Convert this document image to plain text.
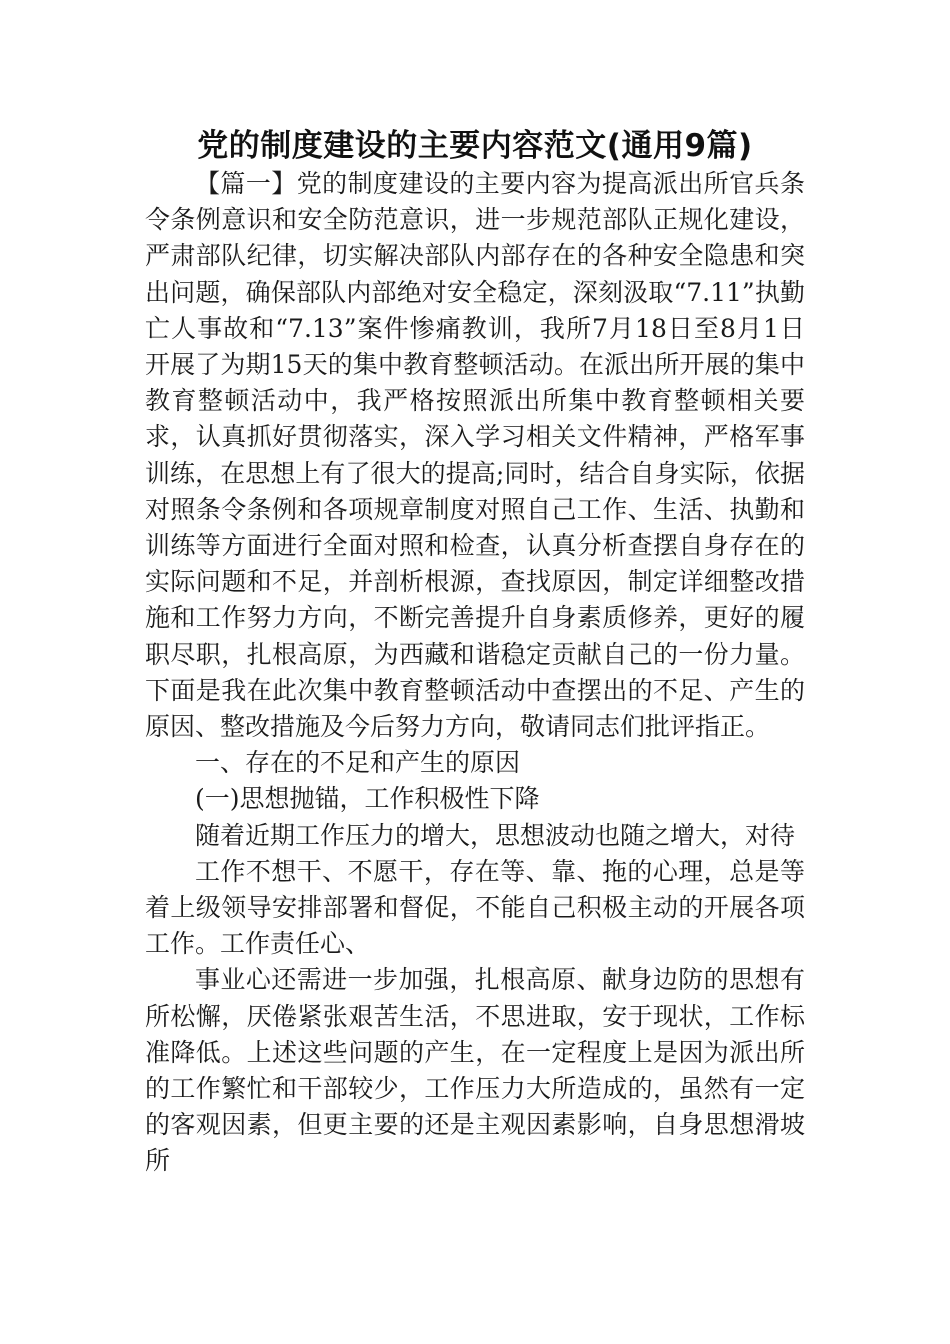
党的制度建设的主要内容范文(通用9篇)

【篇一】党的制度建设的主要内容为提高派出所官兵条令条例意识和安全防范意识，进一步规范部队正规化建设，严肃部队纪律，切实解决部队内部存在的各种安全隐患和突出问题，确保部队内部绝对安全稳定，深刻汲取“7.11”执勤亡人事故和“7.13”案件惨痛教训，我所7月18日至8月1日开展了为期15天的集中教育整顿活动。在派出所开展的集中教育整顿活动中，我严格按照派出所集中教育整顿相关要求，认真抓好贯彻落实，深入学习相关文件精神，严格军事训练，在思想上有了很大的提高;同时，结合自身实际，依据对照条令条例和各项规章制度对照自己工作、生活、执勤和训练等方面进行全面对照和检查，认真分析查摆自身存在的实际问题和不足，并剖析根源，查找原因，制定详细整改措施和工作努力方向，不断完善提升自身素质修养，更好的履职尽职，扎根高原，为西藏和谐稳定贡献自己的一份力量。下面是我在此次集中教育整顿活动中查摆出的不足、产生的原因、整改措施及今后努力方向，敬请同志们批评指正。

一、存在的不足和产生的原因

(一)思想抛锚，工作积极性下降

随着近期工作压力的增大，思想波动也随之增大，对待

工作不想干、不愿干，存在等、靠、拖的心理，总是等着上级领导安排部署和督促，不能自己积极主动的开展各项工作。工作责任心、

事业心还需进一步加强，扎根高原、献身边防的思想有所松懈，厌倦紧张艰苦生活，不思进取，安于现状，工作标准降低。上述这些问题的产生，在一定程度上是因为派出所的工作繁忙和干部较少，工作压力大所造成的，虽然有一定的客观因素，但更主要的还是主观因素影响，自身思想滑坡所
